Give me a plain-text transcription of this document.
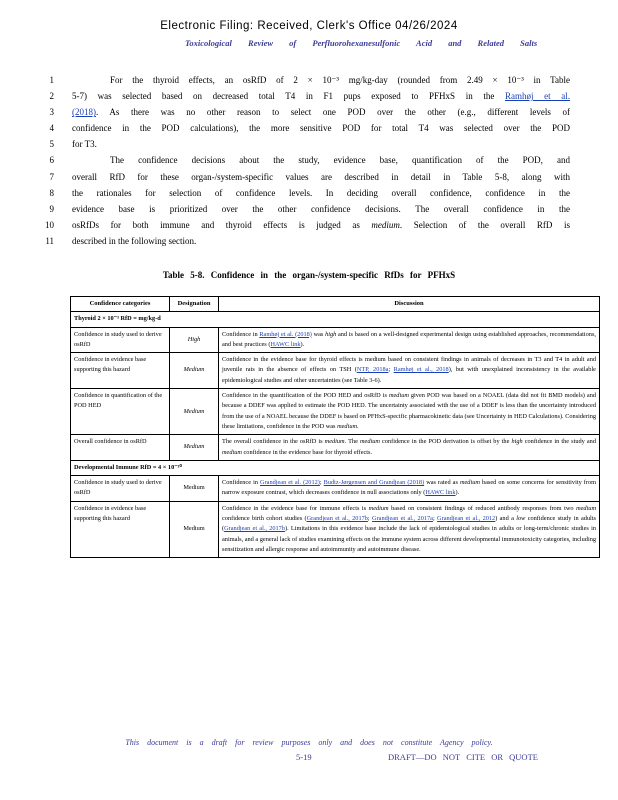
Electronic Filing: Received, Clerk's Office 04/26/2024
Toxicological Review of Perfluorohexanesulfonic Acid and Related Salts
1	For the thyroid effects, an osRfD of 2 × 10⁻³ mg/kg-day (rounded from 2.49 × 10⁻³ in Table
2 5-7) was selected based on decreased total T4 in F1 pups exposed to PFHxS in the Ramhøj et al.
3 (2018). As there was no other reason to select one POD over the other (e.g., different levels of
4 confidence in the POD calculations), the more sensitive POD for total T4 was selected over the POD
5 for T3.
6	The confidence decisions about the study, evidence base, quantification of the POD, and
7 overall RfD for these organ-/system-specific values are described in detail in Table 5-8, along with
8 the rationales for selection of confidence levels. In deciding overall confidence, confidence in the
9 evidence base is prioritized over the other confidence decisions. The overall confidence in the
10 osRfDs for both immune and thyroid effects is judged as medium. Selection of the overall RfD is
11 described in the following section.
Table 5-8. Confidence in the organ-/system-specific RfDs for PFHxS
Confidence categories	Designation	Discussion
Thyroid 2 × 10⁻³ RfD = mg/kg-d		
Confidence in study used to derive osRfD	High	Confidence in Ramhøj et al. (2018) was high and is based on a well-designed experimental design using established approaches, recommendations, and best practices (HAWC link).
Confidence in evidence base supporting this hazard	Medium	Confidence in the evidence base for thyroid effects is medium based on consistent findings in animals of decreases in T3 and T4 in adult and juvenile rats in the absence of effects on TSH (NTP, 2018a; Ramhøj et al., 2018), but with unexplained inconsistency in the available epidemiological studies and other uncertainties (see Table 3-6).
Confidence in quantification of the POD HED	Medium	Confidence in the quantification of the POD HED and osRfD is medium given POD was based on a NOAEL (data did not fit BMD models) and because a DDEF was applied to estimate the POD HED. The uncertainty associated with the use of a DDEF is less than the uncertainty introduced from the use of a NOAEL because the DDEF is based on PFHxS-specific pharmacokinetic data (see Uncertainty in HED Calculations). Considering these limitations, confidence in the POD was medium.
Overall confidence in osRfD	Medium	The overall confidence in the osRfD is medium. The medium confidence in the POD derivation is offset by the high confidence in the study and medium confidence in the evidence base for thyroid effects.
Developmental Immune RfD = 4 × 10⁻¹⁰		
Confidence in study used to derive osRfD	Medium	Confidence in Grandjean et al. (2012); Budtz-Jørgensen and Grandjean (2018) was rated as medium based on some concerns for sensitivity from narrow exposure contrast, which decreases confidence in null associations only (HAWC link).
Confidence in evidence base supporting this hazard	Medium	Confidence in the evidence base for immune effects is medium based on consistent findings of reduced antibody responses from two medium confidence birth cohort studies (Grandjean et al., 2017b; Grandjean et al., 2017a; Grandjean et al., 2012) and a low confidence study in adults (Grandjean et al., 2017b). Limitations in this evidence base include the lack of epidemiological studies in adults or long-term/chronic studies in animals, and a general lack of studies examining effects on the immune system across different developmental immunotoxicity categories, including sensitization and allergic response and autoimmunity and autoimmune disease.
This document is a draft for review purposes only and does not constitute Agency policy.
5-19	DRAFT—DO NOT CITE OR QUOTE
